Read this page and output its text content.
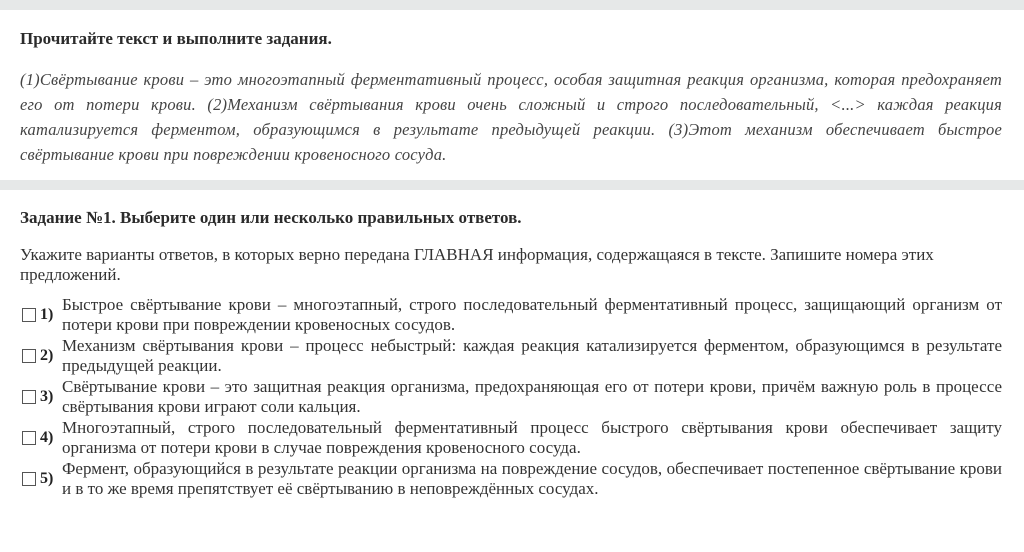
Прочитайте текст и выполните задания.

(1)Свёртывание крови – это многоэтапный ферментативный процесс, особая защитная реакция организма, которая предохраняет его от потери крови. (2)Механизм свёртывания крови очень сложный и строго последовательный, <...> каждая реакция катализируется ферментом, образующимся в результате предыдущей реакции. (3)Этот механизм обеспечивает быстрое свёртывание крови при повреждении кровеносного сосуда.

Задание №1. Выберите один или несколько правильных ответов.

Укажите варианты ответов, в которых верно передана ГЛАВНАЯ информация, содержащаяся в тексте. Запишите номера этих предложений.

1)
Быстрое свёртывание крови – многоэтапный, строго последовательный ферментативный процесс, защищающий организм от потери крови при повреждении кровеносных сосудов.
2)
Механизм свёртывания крови – процесс небыстрый: каждая реакция катализируется ферментом, образующимся в результате предыдущей реакции.
3)
Свёртывание крови – это защитная реакция организма, предохраняющая его от потери крови, причём важную роль в процессе свёртывания крови играют соли кальция.
4)
Многоэтапный, строго последовательный ферментативный процесс быстрого свёртывания крови обеспечивает защиту организма от потери крови в случае повреждения кровеносного сосуда.
5)
Фермент, образующийся в результате реакции организма на повреждение сосудов, обеспечивает постепенное свёртывание крови и в то же время препятствует её свёртыванию в неповреждённых сосудах.
